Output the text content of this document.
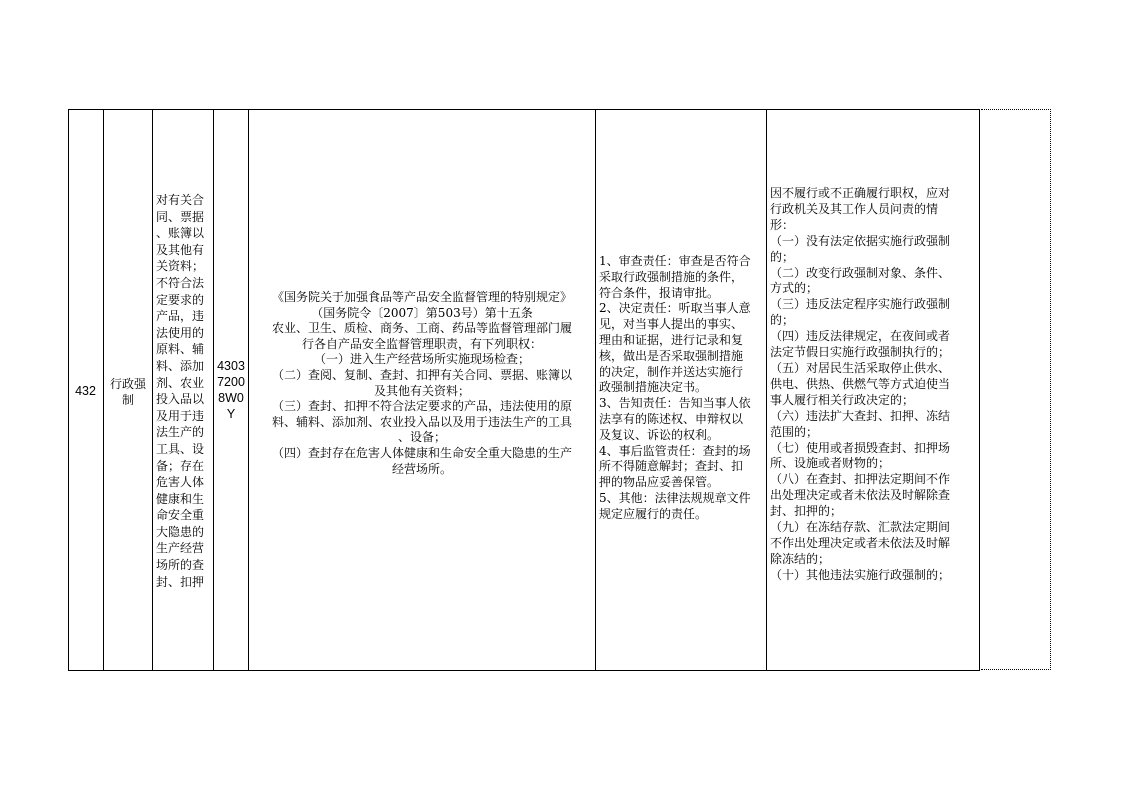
432	行政强
制
对有关合
同、票据
、账簿以
及其他有
关资料；
不符合法
定要求的
产品，违
法使用的
原料、辅
料、添加
剂、农业
投入品以
及用于违
法生产的
工具、设
备；存在
危害人体
健康和生
命安全重
大隐患的
生产经营
场所的查
封、扣押
4303
7200
8W0
Y
《国务院关于加强食品等产品安全监督管理的特别规定》
（国务院令〔2007〕第503号）第十五条
农业、卫生、质检、商务、工商、药品等监督管理部门履
行各自产品安全监督管理职责，有下列职权：
（一）进入生产经营场所实施现场检查；
（二）查阅、复制、查封、扣押有关合同、票据、账簿以
及其他有关资料；
（三）查封、扣押不符合法定要求的产品，违法使用的原
料、辅料、添加剂、农业投入品以及用于违法生产的工具
、设备；
（四）查封存在危害人体健康和生命安全重大隐患的生产
经营场所。
1、审查责任：审查是否符合
采取行政强制措施的条件，
符合条件，报请审批。
2、决定责任：听取当事人意
见，对当事人提出的事实、
理由和证据，进行记录和复
核，做出是否采取强制措施
的决定，制作并送达实施行
政强制措施决定书。
3、告知责任：告知当事人依
法享有的陈述权、申辩权以
及复议、诉讼的权利。
4、事后监管责任：查封的场
所不得随意解封；查封、扣
押的物品应妥善保管。
5、其他：法律法规规章文件
规定应履行的责任。
因不履行或不正确履行职权，应对
行政机关及其工作人员问责的情
形：
（一）没有法定依据实施行政强制
的；
（二）改变行政强制对象、条件、
方式的；
（三）违反法定程序实施行政强制
的；
（四）违反法律规定，在夜间或者
法定节假日实施行政强制执行的；
（五）对居民生活采取停止供水、
供电、供热、供燃气等方式迫使当
事人履行相关行政决定的；
（六）违法扩大查封、扣押、冻结
范围的；
（七）使用或者损毁查封、扣押场
所、设施或者财物的；
（八）在查封、扣押法定期间不作
出处理决定或者未依法及时解除查
封、扣押的；
（九）在冻结存款、汇款法定期间
不作出处理决定或者未依法及时解
除冻结的；
（十）其他违法实施行政强制的；
